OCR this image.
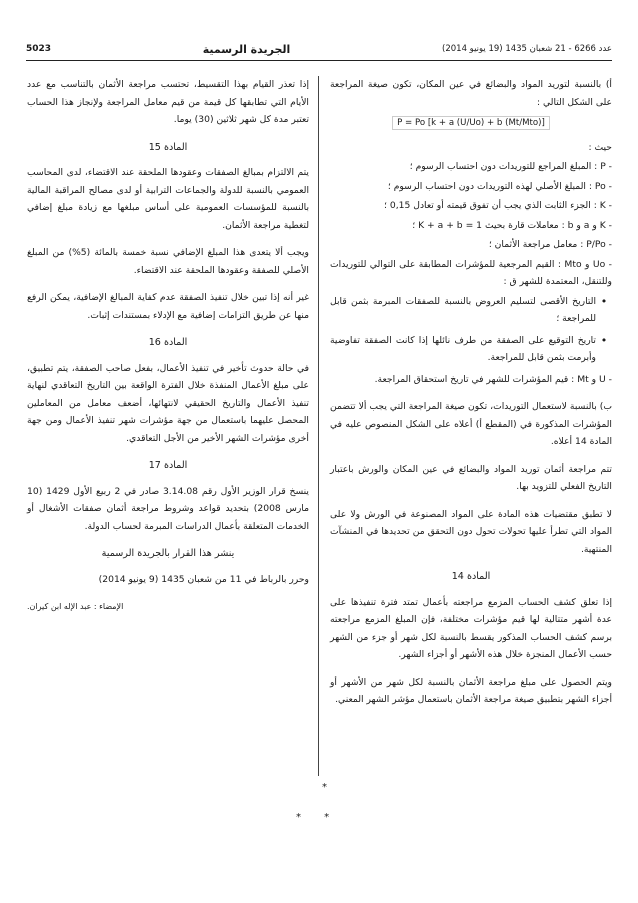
5023	الجريدة الرسمية	عدد 6266 - 21 شعبان 1435 (19 يونيو 2014)

أ) بالنسبة لتوريد المواد والبضائع في عين المكان، تكون صيغة المراجعة على الشكل التالي :

P = Po [k + a (U/Uo) + b (Mt/Mto)]

حيث :

- P : المبلغ المراجع للتوريدات دون احتساب الرسوم ؛

- Po : المبلغ الأصلي لهذه التوريدات دون احتساب الرسوم ؛

- K : الجزء الثابت الذي يجب أن تفوق قيمته أو تعادل 0,15 ؛

- K و a و b : معاملات قارة بحيث K + a + b = 1 ؛

- P/Po : معامل مراجعة الأثمان ؛

- Uo و Mto : القيم المرجعية للمؤشرات المطابقة على التوالي للتوريدات وللتنقل، المعتمدة للشهر ق :

•
التاريخ الأقصى لتسليم العروض بالنسبة للصفقات المبرمة بثمن قابل للمراجعة ؛
•
تاريخ التوقيع على الصفقة من طرف نائلها إذا كانت الصفقة تفاوضية وأبرمت بثمن قابل للمراجعة.

- U و Mt : قيم المؤشرات للشهر في تاريخ استحقاق المراجعة.

ب) بالنسبة لاستعمال التوريدات، تكون صيغة المراجعة التي يجب ألا تتضمن المؤشرات المذكورة في (المقطع أ) أعلاه على الشكل المنصوص عليه في المادة 14 أعلاه.

تتم مراجعة أثمان توريد المواد والبضائع في عين المكان والورش باعتبار التاريخ الفعلي للتزويد بها.

لا تطبق مقتضيات هذه المادة على المواد المصنوعة في الورش ولا على المواد التي تطرأ عليها تحولات تحول دون التحقق من تحديدها في المنشآت المنتهية.

المادة 14

إذا تعلق كشف الحساب المزمع مراجعته بأعمال تمتد فترة تنفيذها على عدة أشهر متتالية لها قيم مؤشرات مختلفة، فإن المبلغ المزمع مراجعته برسم كشف الحساب المذكور يقسط بالنسبة لكل شهر أو جزء من الشهر حسب الأعمال المنجزة خلال هذه الأشهر أو أجزاء الشهر.

ويتم الحصول على مبلغ مراجعة الأثمان بالنسبة لكل شهر من الأشهر أو أجزاء الشهر بتطبيق صيغة مراجعة الأثمان باستعمال مؤشر الشهر المعني.

إذا تعذر القيام بهذا التقسيط، تحتسب مراجعة الأثمان بالتناسب مع عدد الأيام التي تطابقها كل قيمة من قيم معامل المراجعة ولإنجاز هذا الحساب تعتبر مدة كل شهر ثلاثين (30) يوما.

المادة 15

يتم الالتزام بمبالغ الصفقات وعقودها الملحقة عند الاقتضاء، لدى المحاسب العمومي بالنسبة للدولة والجماعات الترابية أو لدى مصالح المراقبة المالية بالنسبة للمؤسسات العمومية على أساس مبلغها مع زيادة مبلغ إضافي لتغطية مراجعة الأثمان.

ويجب ألا يتعدى هذا المبلغ الإضافي نسبة خمسة بالمائة (5%) من المبلغ الأصلي للصفقة وعقودها الملحقة عند الاقتضاء.

غير أنه إذا تبين خلال تنفيذ الصفقة عدم كفاية المبالغ الإضافية، يمكن الرفع منها عن طريق التزامات إضافية مع الإدلاء بمستندات إثبات.

المادة 16

في حالة حدوث تأخير في تنفيذ الأعمال، بفعل صاحب الصفقة، يتم تطبيق، على مبلغ الأعمال المنفذة خلال الفترة الواقعة بين التاريخ التعاقدي لنهاية تنفيذ الأعمال والتاريخ الحقيقي لانتهائها، أضعف معامل من المعاملين المحصل عليهما باستعمال من جهة مؤشرات شهر تنفيذ الأعمال ومن جهة أخرى مؤشرات الشهر الأخير من الأجل التعاقدي.

المادة 17

ينسخ قرار الوزير الأول رقم 3.14.08 صادر في 2 ربيع الأول 1429 (10 مارس 2008) بتحديد قواعد وشروط مراجعة أثمان صفقات الأشغال أو الخدمات المتعلقة بأعمال الدراسات المبرمة لحساب الدولة.

ينشر هذا القرار بالجريدة الرسمية

وحرر بالرباط في 11 من شعبان 1435 (9 يونيو 2014)

الإمضاء : عبد الإله ابن كيران.
*
* *
